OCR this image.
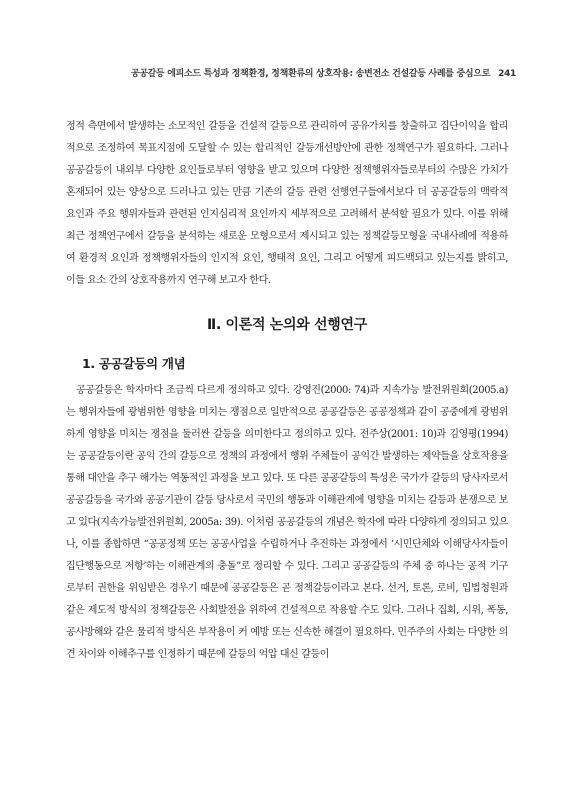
공공갈등 에피소드 특성과 정책환경, 정책환류의 상호작용: 송변전소 건설갈등 사례를 중심으로 241

정적 측면에서 발생하는 소모적인 갈등을 건설적 갈등으로 관리하여 공유가치를 창출하고 집단이익을 합리적으로 조정하여 목표지점에 도달할 수 있는 합리적인 갈등개선방안에 관한 정책연구가 필요하다. 그러나 공공갈등이 내외부 다양한 요인들로부터 영향을 받고 있으며 다양한 정책행위자들로부터의 수많은 가치가 혼재되어 있는 양상으로 드러나고 있는 만큼 기존의 갈등 관련 선행연구들에서보다 더 공공갈등의 맥락적 요인과 주요 행위자들과 관련된 인지심리적 요인까지 세부적으로 고려해서 분석할 필요가 있다. 이를 위해 최근 정책연구에서 갈등을 분석하는 새로운 모형으로서 제시되고 있는 정책갈등모형을 국내사례에 적용하여 환경적 요인과 정책행위자들의 인지적 요인, 행태적 요인, 그리고 어떻게 피드백되고 있는지를 밝히고, 이들 요소 간의 상호작용까지 연구해 보고자 한다.

Ⅱ. 이론적 논의와 선행연구
1. 공공갈등의 개념

공공갈등은 학자마다 조금씩 다르게 정의하고 있다. 강영진(2000: 74)과 지속가능 발전위원회(2005.a)는 행위자들에 광범위한 영향을 미치는 쟁점으로 일반적으로 공공갈등은 공공정책과 같이 공중에게 광범위하게 영향을 미치는 쟁점을 둘러싼 갈등을 의미한다고 정의하고 있다. 전주상(2001: 10)과 김영평(1994)는 공공갈등이란 공익 간의 갈등으로 정책의 과정에서 행위 주체들이 공익간 발생하는 제약들을 상호작용을 통해 대안을 추구 해가는 역동적인 과정을 보고 있다. 또 다른 공공갈등의 특성은 국가가 갈등의 당사자로서 공공갈등을 국가와 공공기관이 갈등 당사로서 국민의 행동과 이해관계에 영향을 미치는 갈등과 분쟁으로 보고 있다(지속가능발전위원회, 2005a: 39). 이처럼 공공갈등의 개념은 학자에 따라 다양하게 정의되고 있으나, 이를 종합하면 “공공정책 또는 공공사업을 수립하거나 추진하는 과정에서 ‘시민단체와 이해당사자들이 집단행동으로 저항’하는 이해관계의 충돌”로 정리할 수 있다. 그리고 공공갈등의 주체 중 하나는 공적 기구로부터 권한을 위임받은 경우기 때문에 공공갈등은 곧 정책갈등이라고 본다. 선거, 토론, 로비, 입법청원과 같은 제도적 방식의 정책갈등은 사회발전을 위하여 건설적으로 작용할 수도 있다. 그러나 집회, 시위, 폭동, 공사방해와 같은 물리적 방식은 부작용이 커 예방 또는 신속한 해결이 필요하다. 민주주의 사회는 다양한 의견 차이와 이해추구를 인정하기 때문에 갈등의 억압 대신 갈등이
